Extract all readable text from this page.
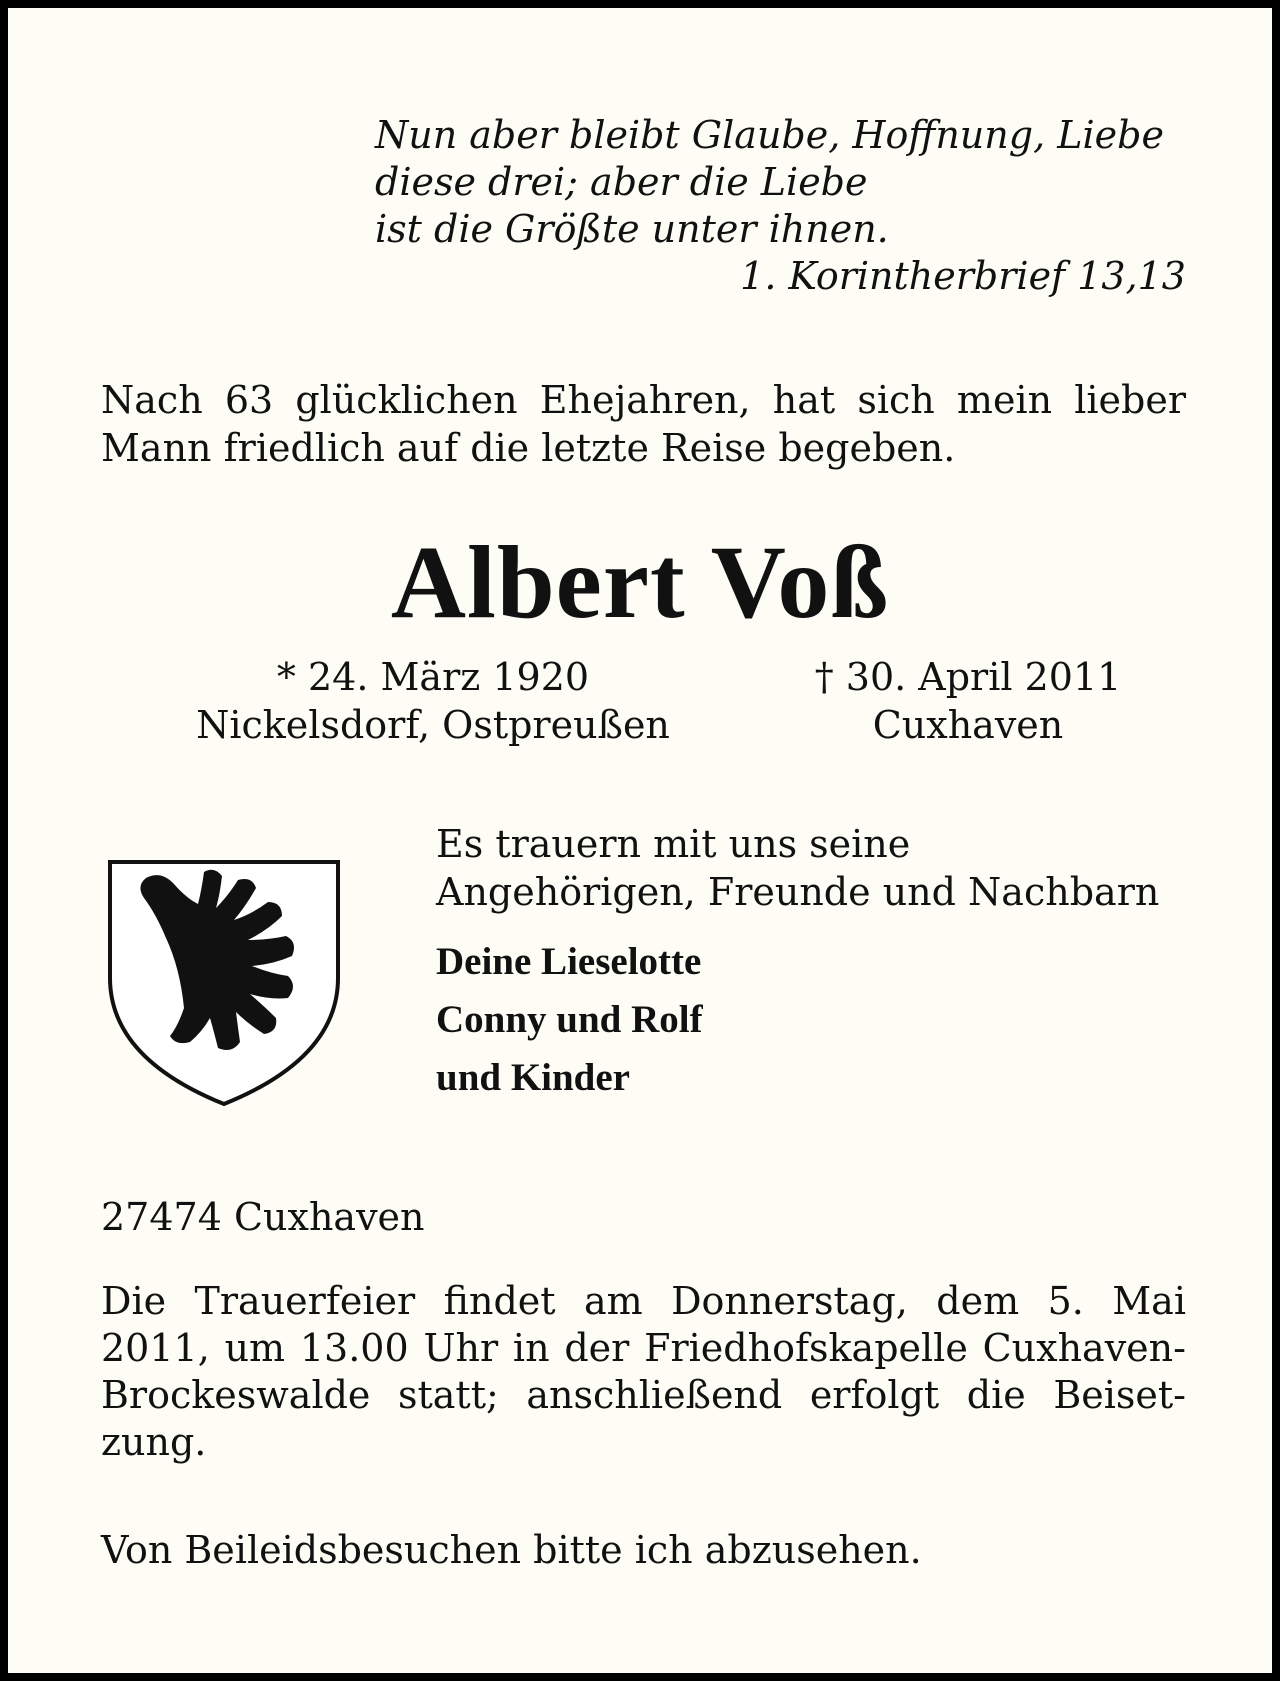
Nun aber bleibt Glaube, Hoffnung, Liebe
diese drei; aber die Liebe
ist die Größte unter ihnen.
1. Korintherbrief 13,13
Nach 63 glücklichen Ehejahren, hat sich mein lieber Mann friedlich auf die letzte Reise begeben.
Albert Voß
* 24. März 1920
Nickelsdorf, Ostpreußen
† 30. April 2011
Cuxhaven
Es trauern mit uns seine
Angehörigen, Freunde und Nachbarn
Deine Lieselotte
Conny und Rolf
und Kinder
27474 Cuxhaven
Die Trauerfeier findet am Donnerstag, dem 5. Mai
2011, um 13.00 Uhr in der Friedhofskapelle Cuxhaven-
Brockeswalde statt; anschließend erfolgt die Beiset-
zung.
Von Beileidsbesuchen bitte ich abzusehen.
